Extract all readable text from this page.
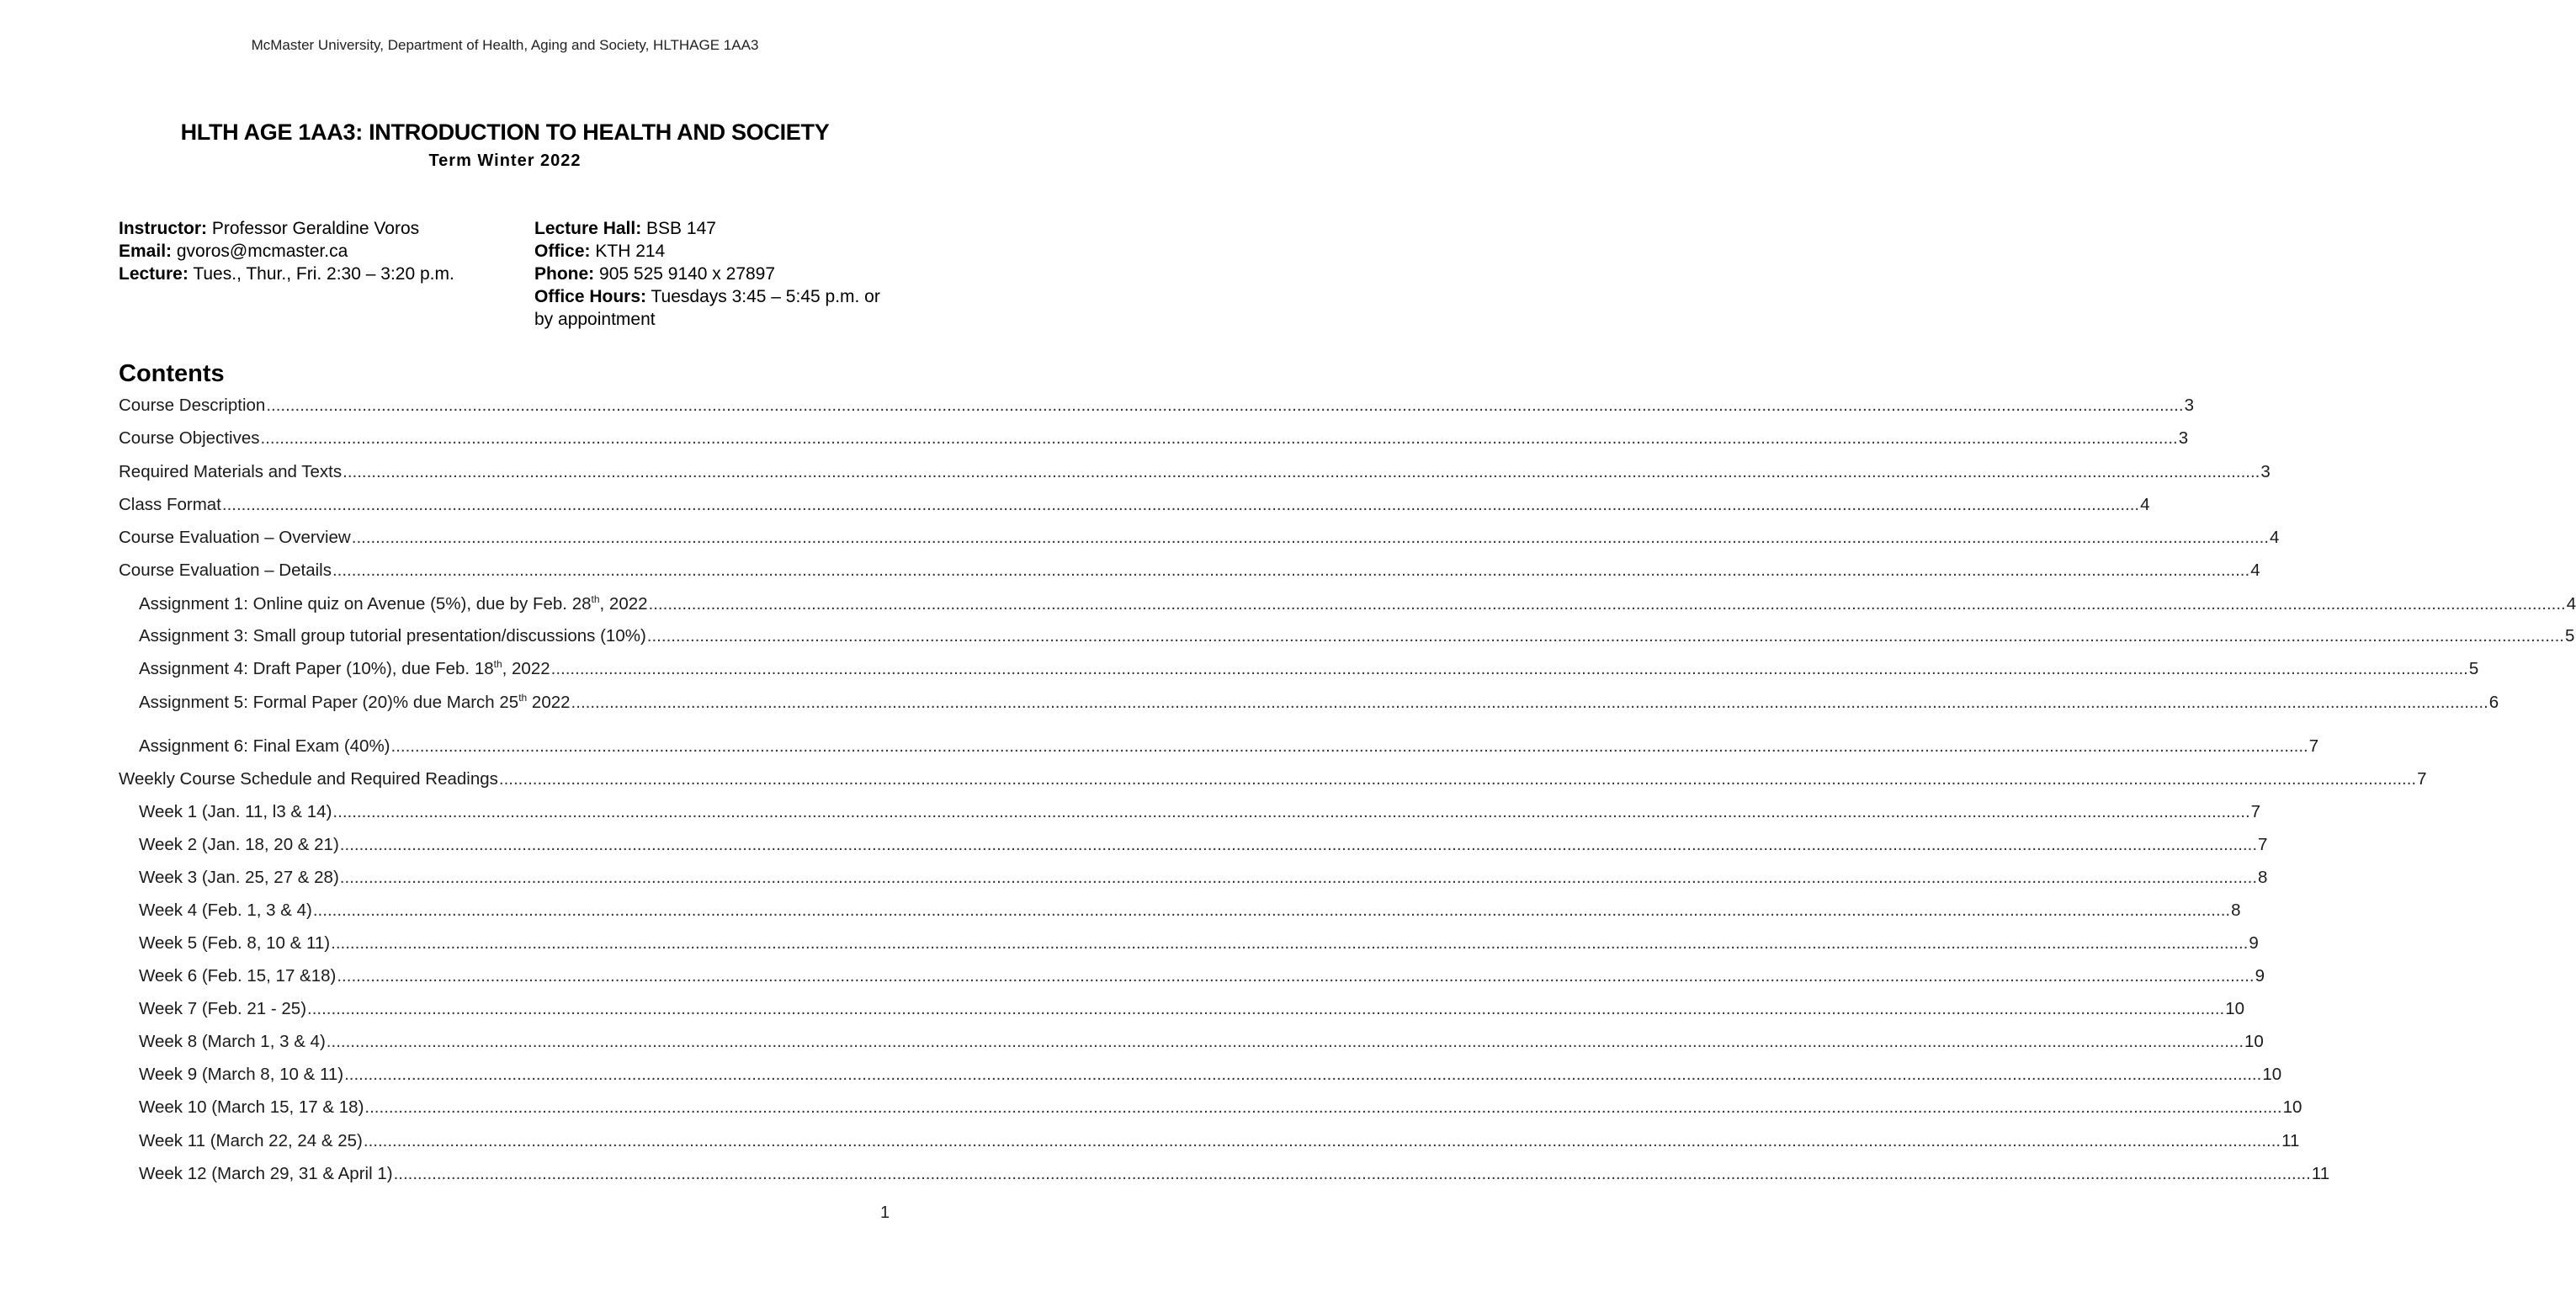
McMaster University, Department of Health, Aging and Society, HLTHAGE 1AA3
HLTH AGE 1AA3: INTRODUCTION TO HEALTH AND SOCIETY
Term Winter 2022
Instructor: Professor Geraldine Voros
Email: gvoros@mcmaster.ca
Lecture: Tues., Thur., Fri. 2:30 – 3:20 p.m.
Lecture Hall: BSB 147
Office: KTH 214
Phone: 905 525 9140 x 27897
Office Hours: Tuesdays 3:45 – 5:45 p.m. or by appointment
Contents
Course Description ................................................................................................................................................................................................................................................................................................................................................................................................................ 3
Course Objectives ................................................................................................................................................................................................................................................................................................................................................................................................................ 3
Required Materials and Texts ................................................................................................................................................................................................................................................................................................................................................................................................................ 3
Class Format ................................................................................................................................................................................................................................................................................................................................................................................................................ 4
Course Evaluation – Overview ................................................................................................................................................................................................................................................................................................................................................................................................................ 4
Course Evaluation – Details ................................................................................................................................................................................................................................................................................................................................................................................................................ 4
Assignment 1: Online quiz on Avenue (5%), due by Feb. 28th, 2022 ................................................................................................................................................................................................................................................................................................................................................................................................................ 4
Assignment 3: Small group tutorial presentation/discussions (10%) ................................................................................................................................................................................................................................................................................................................................................................................................................ 5
Assignment 4: Draft Paper (10%), due Feb. 18th, 2022 ................................................................................................................................................................................................................................................................................................................................................................................................................ 5
Assignment 5: Formal Paper (20)% due March 25th 2022 ................................................................................................................................................................................................................................................................................................................................................................................................................ 6
Assignment 6: Final Exam (40%) ................................................................................................................................................................................................................................................................................................................................................................................................................ 7
Weekly Course Schedule and Required Readings ................................................................................................................................................................................................................................................................................................................................................................................................................ 7
Week 1 (Jan. 11, l3 & 14) ................................................................................................................................................................................................................................................................................................................................................................................................................ 7
Week 2 (Jan. 18, 20 & 21) ................................................................................................................................................................................................................................................................................................................................................................................................................ 7
Week 3 (Jan. 25, 27 & 28) ................................................................................................................................................................................................................................................................................................................................................................................................................ 8
Week 4 (Feb. 1, 3 & 4) ................................................................................................................................................................................................................................................................................................................................................................................................................ 8
Week 5 (Feb. 8, 10 & 11) ................................................................................................................................................................................................................................................................................................................................................................................................................ 9
Week 6 (Feb. 15, 17 &18) ................................................................................................................................................................................................................................................................................................................................................................................................................ 9
Week 7 (Feb. 21 - 25) ................................................................................................................................................................................................................................................................................................................................................................................................................ 10
Week 8 (March 1, 3 & 4) ................................................................................................................................................................................................................................................................................................................................................................................................................ 10
Week 9 (March 8, 10 & 11) ................................................................................................................................................................................................................................................................................................................................................................................................................ 10
Week 10 (March 15, 17 & 18) ................................................................................................................................................................................................................................................................................................................................................................................................................ 10
Week 11 (March 22, 24 & 25) ................................................................................................................................................................................................................................................................................................................................................................................................................ 11
Week 12 (March 29, 31 & April 1) ................................................................................................................................................................................................................................................................................................................................................................................................................ 11
1
